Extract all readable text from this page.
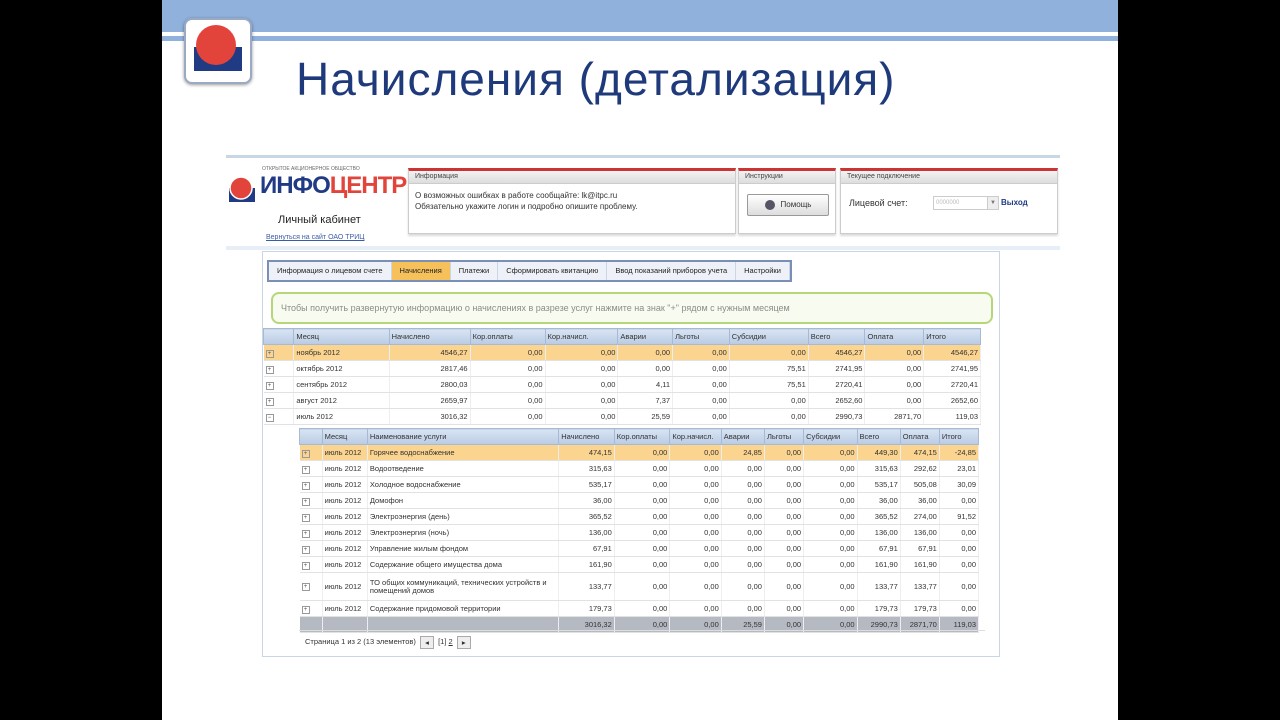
Начисления (детализация)
ОТКРЫТОЕ АКЦИОНЕРНОЕ ОБЩЕСТВО
ИНФОЦЕНТР
Личный кабинет
Вернуться на сайт ОАО ТРИЦ
Информация
О возможных ошибках в работе сообщайте: lk@itpc.ru
Обязательно укажите логин и подробно опишите проблему.
Инструкции
Помощь
Текущее подключение
Лицевой счет:	0000000	▼ Выход
Информация о лицевом счете	Начисления	Платежи	Сформировать квитанцию	Ввод показаний приборов учета	Настройки
Чтобы получить развернутую информацию о начислениях в разрезе услуг нажмите на знак "+" рядом с нужным месяцем
	Месяц	Начислено	Кор.оплаты	Кор.начисл.	Аварии	Льготы	Субсидии	Всего	Оплата	Итого
+	ноябрь 2012	4546,27	0,00	0,00	0,00	0,00	0,00	4546,27	0,00	4546,27
+	октябрь 2012	2817,46	0,00	0,00	0,00	0,00	75,51	2741,95	0,00	2741,95
+	сентябрь 2012	2800,03	0,00	0,00	4,11	0,00	75,51	2720,41	0,00	2720,41
+	август 2012	2659,97	0,00	0,00	7,37	0,00	0,00	2652,60	0,00	2652,60
−	июль 2012	3016,32	0,00	0,00	25,59	0,00	0,00	2990,73	2871,70	119,03
	Месяц	Наименование услуги	Начислено	Кор.оплаты	Кор.начисл.	Аварии	Льготы	Субсидии	Всего	Оплата	Итого
+	июль 2012	Горячее водоснабжение	474,15	0,00	0,00	24,85	0,00	0,00	449,30	474,15	-24,85
+	июль 2012	Водоотведение	315,63	0,00	0,00	0,00	0,00	0,00	315,63	292,62	23,01
+	июль 2012	Холодное водоснабжение	535,17	0,00	0,00	0,00	0,00	0,00	535,17	505,08	30,09
+	июль 2012	Домофон	36,00	0,00	0,00	0,00	0,00	0,00	36,00	36,00	0,00
+	июль 2012	Электроэнергия (день)	365,52	0,00	0,00	0,00	0,00	0,00	365,52	274,00	91,52
+	июль 2012	Электроэнергия (ночь)	136,00	0,00	0,00	0,00	0,00	0,00	136,00	136,00	0,00
+	июль 2012	Управление жилым фондом	67,91	0,00	0,00	0,00	0,00	0,00	67,91	67,91	0,00
+	июль 2012	Содержание общего имущества дома	161,90	0,00	0,00	0,00	0,00	0,00	161,90	161,90	0,00
+	июль 2012	ТО общих коммуникаций, технических устройств и помещений домов	133,77	0,00	0,00	0,00	0,00	0,00	133,77	133,77	0,00
+	июль 2012	Содержание придомовой территории	179,73	0,00	0,00	0,00	0,00	0,00	179,73	179,73	0,00
			3016,32	0,00	0,00	25,59	0,00	0,00	2990,73	2871,70	119,03
Страница 1 из 2 (13 элементов) ◂ [1] 2 ▸
